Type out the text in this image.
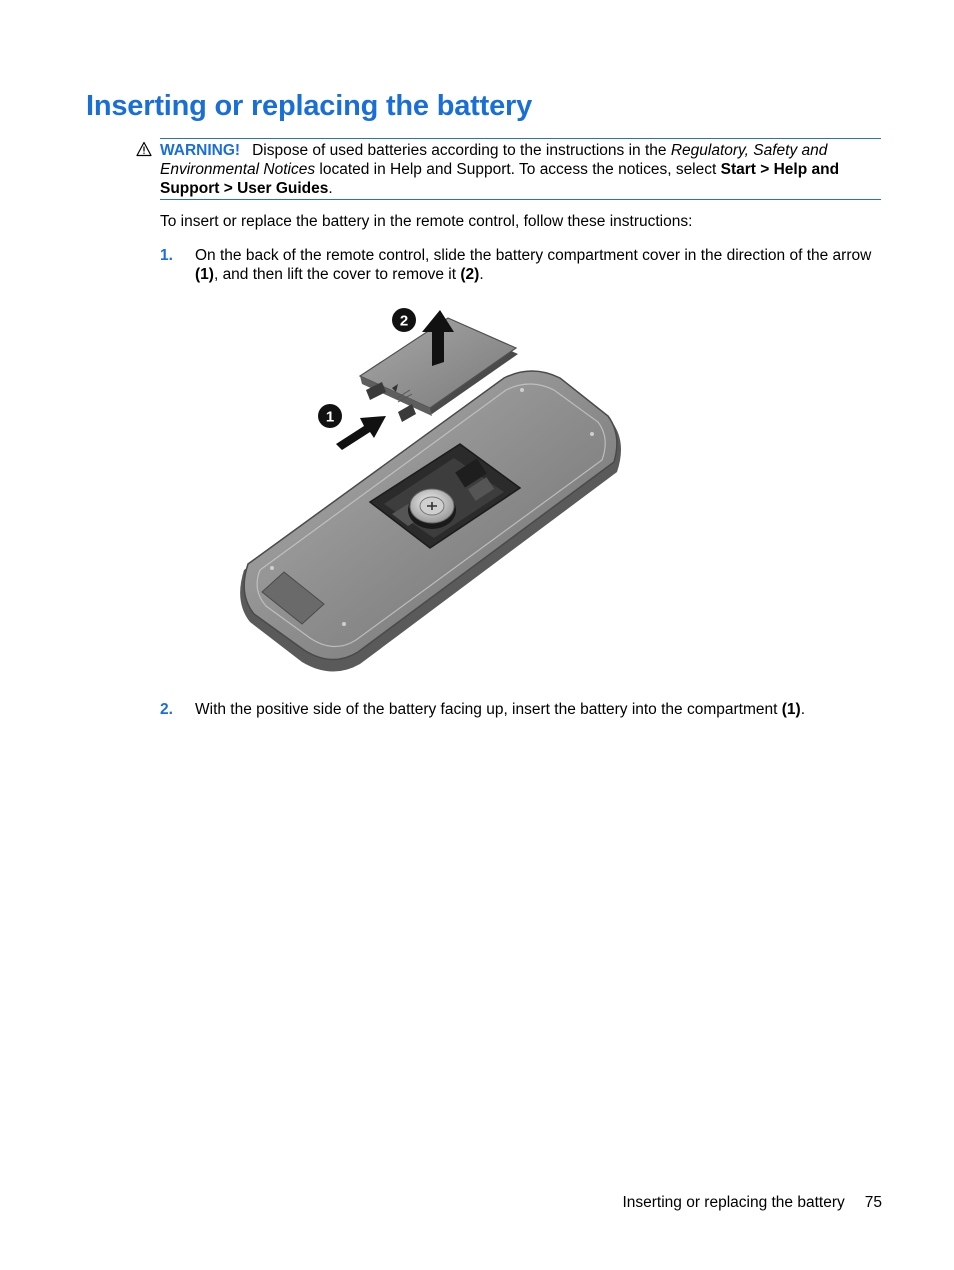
Inserting or replacing the battery
WARNING! Dispose of used batteries according to the instructions in the Regulatory, Safety and Environmental Notices located in Help and Support. To access the notices, select Start > Help and Support > User Guides.

To insert or replace the battery in the remote control, follow these instructions:

1. On the back of the remote control, slide the battery compartment cover in the direction of the arrow (1), and then lift the cover to remove it (2).
2
1
2. With the positive side of the battery facing up, insert the battery into the compartment (1).
Inserting or replacing the battery 75
